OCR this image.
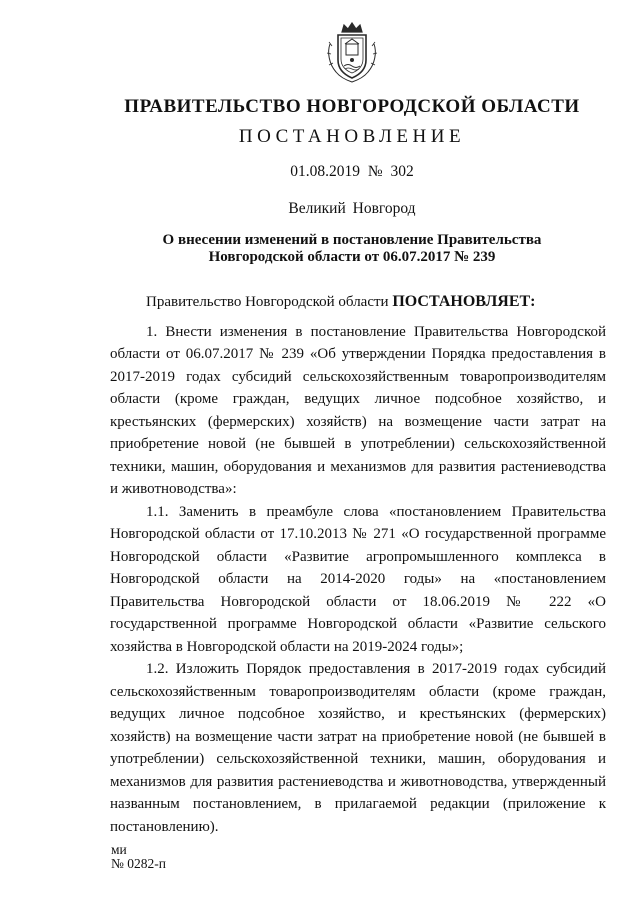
ПРАВИТЕЛЬСТВО НОВГОРОДСКОЙ ОБЛАСТИ
ПОСТАНОВЛЕНИЕ
01.08.2019 № 302
Великий Новгород
О внесении изменений в постановление Правительства
Новгородской области от 06.07.2017 № 239

Правительство Новгородской области ПОСТАНОВЛЯЕТ:

1. Внести изменения в постановление Правительства Новгородской области от 06.07.2017 № 239 «Об утверждении Порядка предоставления в 2017-2019 годах субсидий сельскохозяйственным товаропроизводителям области (кроме граждан, ведущих личное подсобное хозяйство, и крестьянских (фермерских) хозяйств) на возмещение части затрат на приобретение новой (не бывшей в употреблении) сельскохозяйственной техники, машин, оборудования и механизмов для развития растениеводства и животноводства»:

1.1. Заменить в преамбуле слова «постановлением Правительства Новгородской области от 17.10.2013 № 271 «О государственной программе Новгородской области «Развитие агропромышленного комплекса в Новгородской области на 2014-2020 годы» на «постановлением Правительства Новгородской области от 18.06.2019 № 222 «О государственной программе Новгородской области «Развитие сельского хозяйства в Новгородской области на 2019-2024 годы»;

1.2. Изложить Порядок предоставления в 2017-2019 годах субсидий сельскохозяйственным товаропроизводителям области (кроме граждан, ведущих личное подсобное хозяйство, и крестьянских (фермерских) хозяйств) на возмещение части затрат на приобретение новой (не бывшей в употреблении) сельскохозяйственной техники, машин, оборудования и механизмов для развития растениеводства и животноводства, утвержденный названным постановлением, в прилагаемой редакции (приложение к постановлению).

ми
№ 0282-п
